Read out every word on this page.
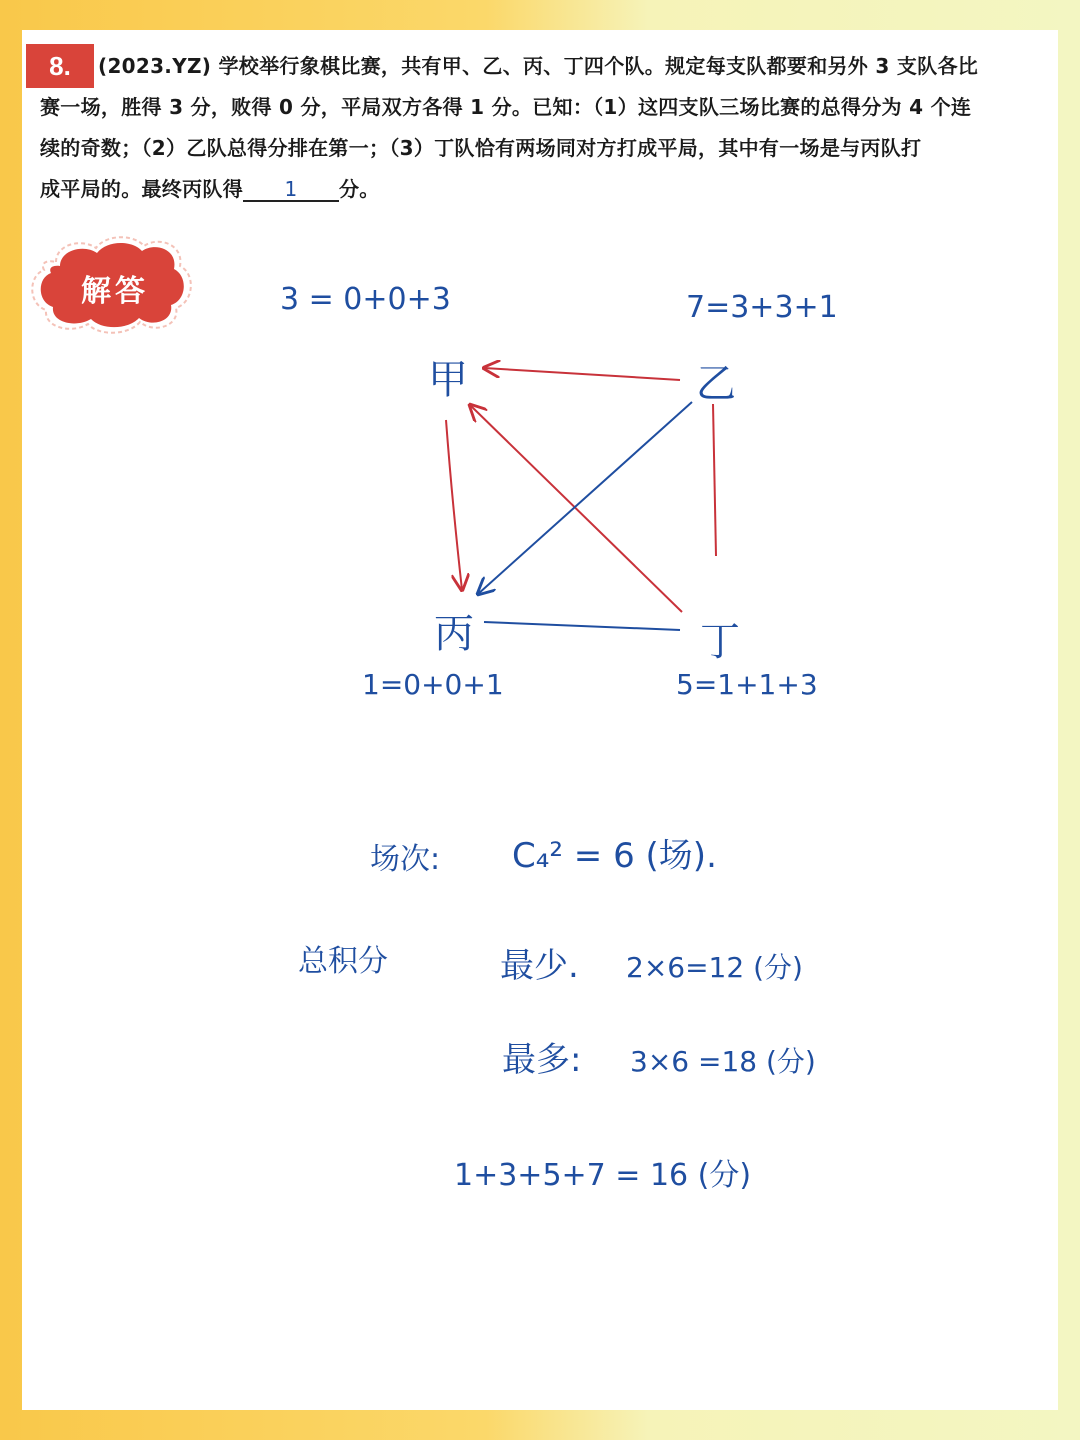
(2023.YZ) 学校举行象棋比赛，共有甲、乙、丙、丁四个队。规定每支队都要和另外 3 支队各比
赛一场，胜得 3 分，败得 0 分，平局双方各得 1 分。已知：（1）这四支队三场比赛的总得分为 4 个连
续的奇数；（2）乙队总得分排在第一；（3）丁队恰有两场同对方打成平局，其中有一场是与丙队打
成平局的。最终丙队得 1 分。
8.
解答
甲	乙
丙	丁
3 = 0+0+3	7=3+3+1
1=0+0+1	5=1+1+3
场次: C₄² = 6 (场).
总积分	最少. 2×6=12 (分)
最多: 3×6 =18 (分)
1+3+5+7 = 16 (分)
